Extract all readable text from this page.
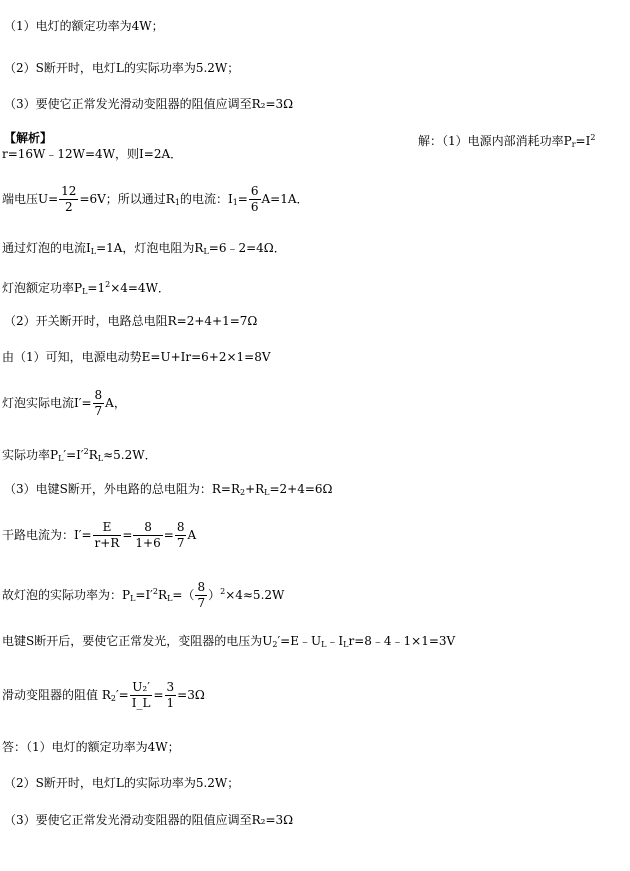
（1）电灯的额定功率为4W；
（2）S断开时，电灯L的实际功率为5.2W；
（3）要使它正常发光滑动变阻器的阻值应调至R₂=3Ω
【解析】	解：（1）电源内部消耗功率$P_r=I^2$
r=16W﹣12W=4W，则I=2A．
端电压$U= \frac{12}{2} =6V$；所以通过$R_1$的电流：$I_1= \frac{6}{6} A=1A$．
通过灯泡的电流$I_L=1A$，灯泡电阻为$R_L=6﹣2=4\Omega$．
灯泡额定功率$P_L=1^2\times 4=4W$．
（2）开关断开时，电路总电阻R=2+4+1=7Ω
由（1）可知，电源电动势E=U+Ir=6+2×1=8V
灯泡实际电流$I'= \frac{8}{7}$ A，
实际功率$P_L'=I'^2R_L\approx 5.2W$．
（3）电键S断开，外电路的总电阻为：$R=R_2+R_L=2+4=6\Omega$
干路电流为：$I'= \frac{E}{r+R} = \frac{8}{1+6} = \frac{8}{7}$ A
故灯泡的实际功率为：$P_L=I'^2R_L=( \frac{8}{7} )^2\times 4\approx 5.2W$
电键S断开后，要使它正常发光，变阻器的电压为$U_2'=E﹣U_L﹣I_Lr=8﹣4﹣1\times 1=3V$
滑动变阻器的阻值 $R_2'= \frac{\text{U₂′}}{I\_L} = \frac{3}{1} =3\Omega$
答：（1）电灯的额定功率为4W；
（2）S断开时，电灯L的实际功率为5.2W；
（3）要使它正常发光滑动变阻器的阻值应调至R₂=3Ω
